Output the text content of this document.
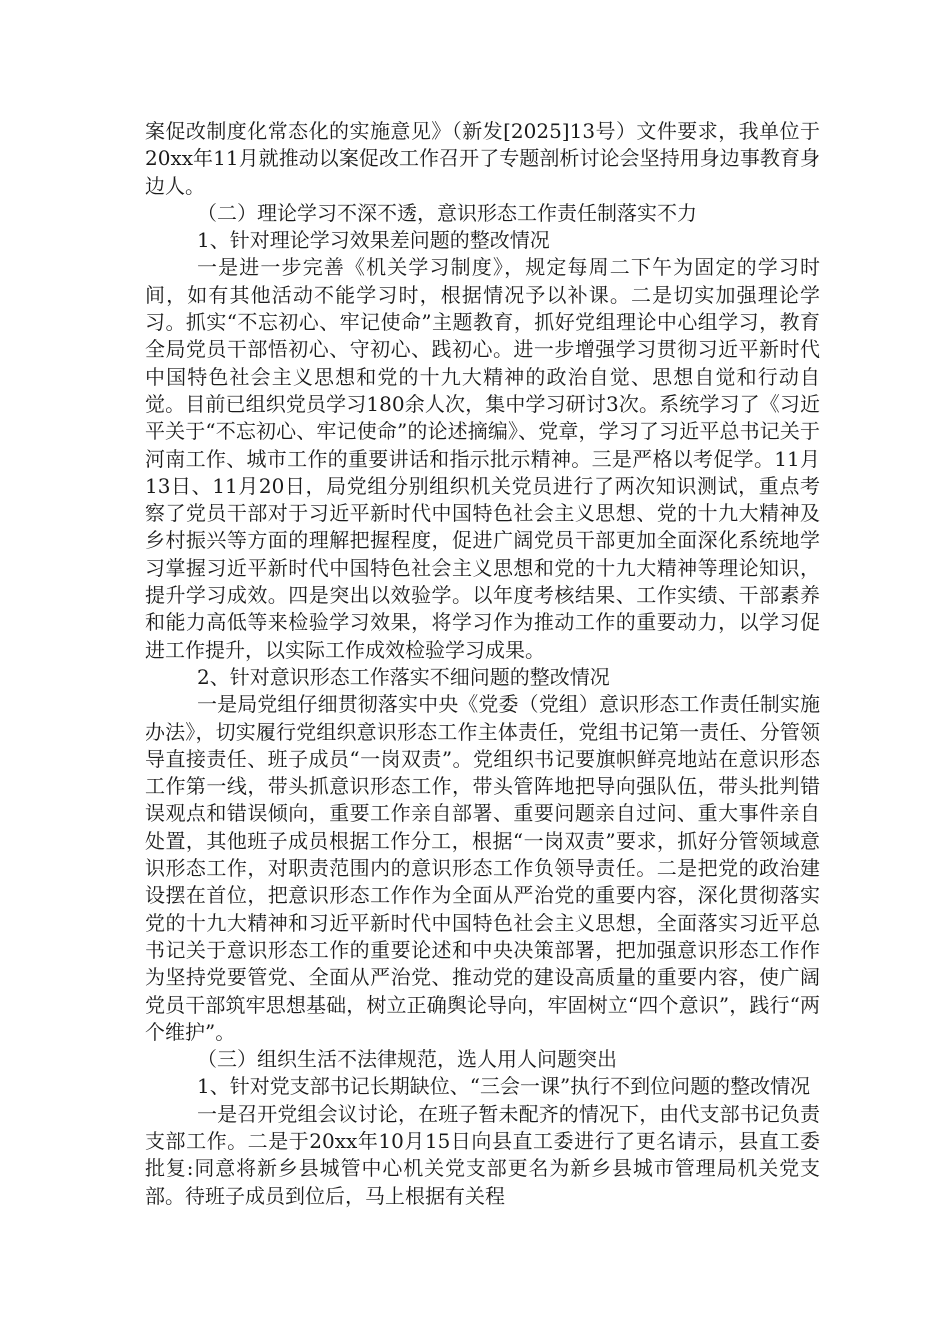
案促改制度化常态化的实施意见》（新发[2025]13号）文件要求，我单位于20xx年11月就推动以案促改工作召开了专题剖析讨论会坚持用身边事教育身边人。

（二）理论学习不深不透，意识形态工作责任制落实不力

1、针对理论学习效果差问题的整改情况

一是进一步完善《机关学习制度》，规定每周二下午为固定的学习时间，如有其他活动不能学习时，根据情况予以补课。二是切实加强理论学习。抓实“不忘初心、牢记使命”主题教育，抓好党组理论中心组学习，教育全局党员干部悟初心、守初心、践初心。进一步增强学习贯彻习近平新时代中国特色社会主义思想和党的十九大精神的政治自觉、思想自觉和行动自觉。目前已组织党员学习180余人次，集中学习研讨3次。系统学习了《习近平关于“不忘初心、牢记使命”的论述摘编》、党章，学习了习近平总书记关于河南工作、城市工作的重要讲话和指示批示精神。三是严格以考促学。11月13日、11月20日，局党组分别组织机关党员进行了两次知识测试，重点考察了党员干部对于习近平新时代中国特色社会主义思想、党的十九大精神及乡村振兴等方面的理解把握程度，促进广阔党员干部更加全面深化系统地学习掌握习近平新时代中国特色社会主义思想和党的十九大精神等理论知识，提升学习成效。四是突出以效验学。以年度考核结果、工作实绩、干部素养和能力高低等来检验学习效果，将学习作为推动工作的重要动力，以学习促进工作提升，以实际工作成效检验学习成果。

2、针对意识形态工作落实不细问题的整改情况

一是局党组仔细贯彻落实中央《党委（党组）意识形态工作责任制实施办法》，切实履行党组织意识形态工作主体责任，党组书记第一责任、分管领导直接责任、班子成员“一岗双责”。党组织书记要旗帜鲜亮地站在意识形态工作第一线，带头抓意识形态工作，带头管阵地把导向强队伍，带头批判错误观点和错误倾向，重要工作亲自部署、重要问题亲自过问、重大事件亲自处置，其他班子成员根据工作分工，根据“一岗双责”要求，抓好分管领域意识形态工作，对职责范围内的意识形态工作负领导责任。二是把党的政治建设摆在首位，把意识形态工作作为全面从严治党的重要内容，深化贯彻落实党的十九大精神和习近平新时代中国特色社会主义思想，全面落实习近平总书记关于意识形态工作的重要论述和中央决策部署，把加强意识形态工作作为坚持党要管党、全面从严治党、推动党的建设高质量的重要内容，使广阔党员干部筑牢思想基础，树立正确舆论导向，牢固树立“四个意识”，践行“两个维护”。

（三）组织生活不法律规范，选人用人问题突出

1、针对党支部书记长期缺位、“三会一课”执行不到位问题的整改情况

一是召开党组会议讨论，在班子暂未配齐的情况下，由代支部书记负责支部工作。二是于20xx年10月15日向县直工委进行了更名请示，县直工委批复:同意将新乡县城管中心机关党支部更名为新乡县城市管理局机关党支部。待班子成员到位后，马上根据有关程
